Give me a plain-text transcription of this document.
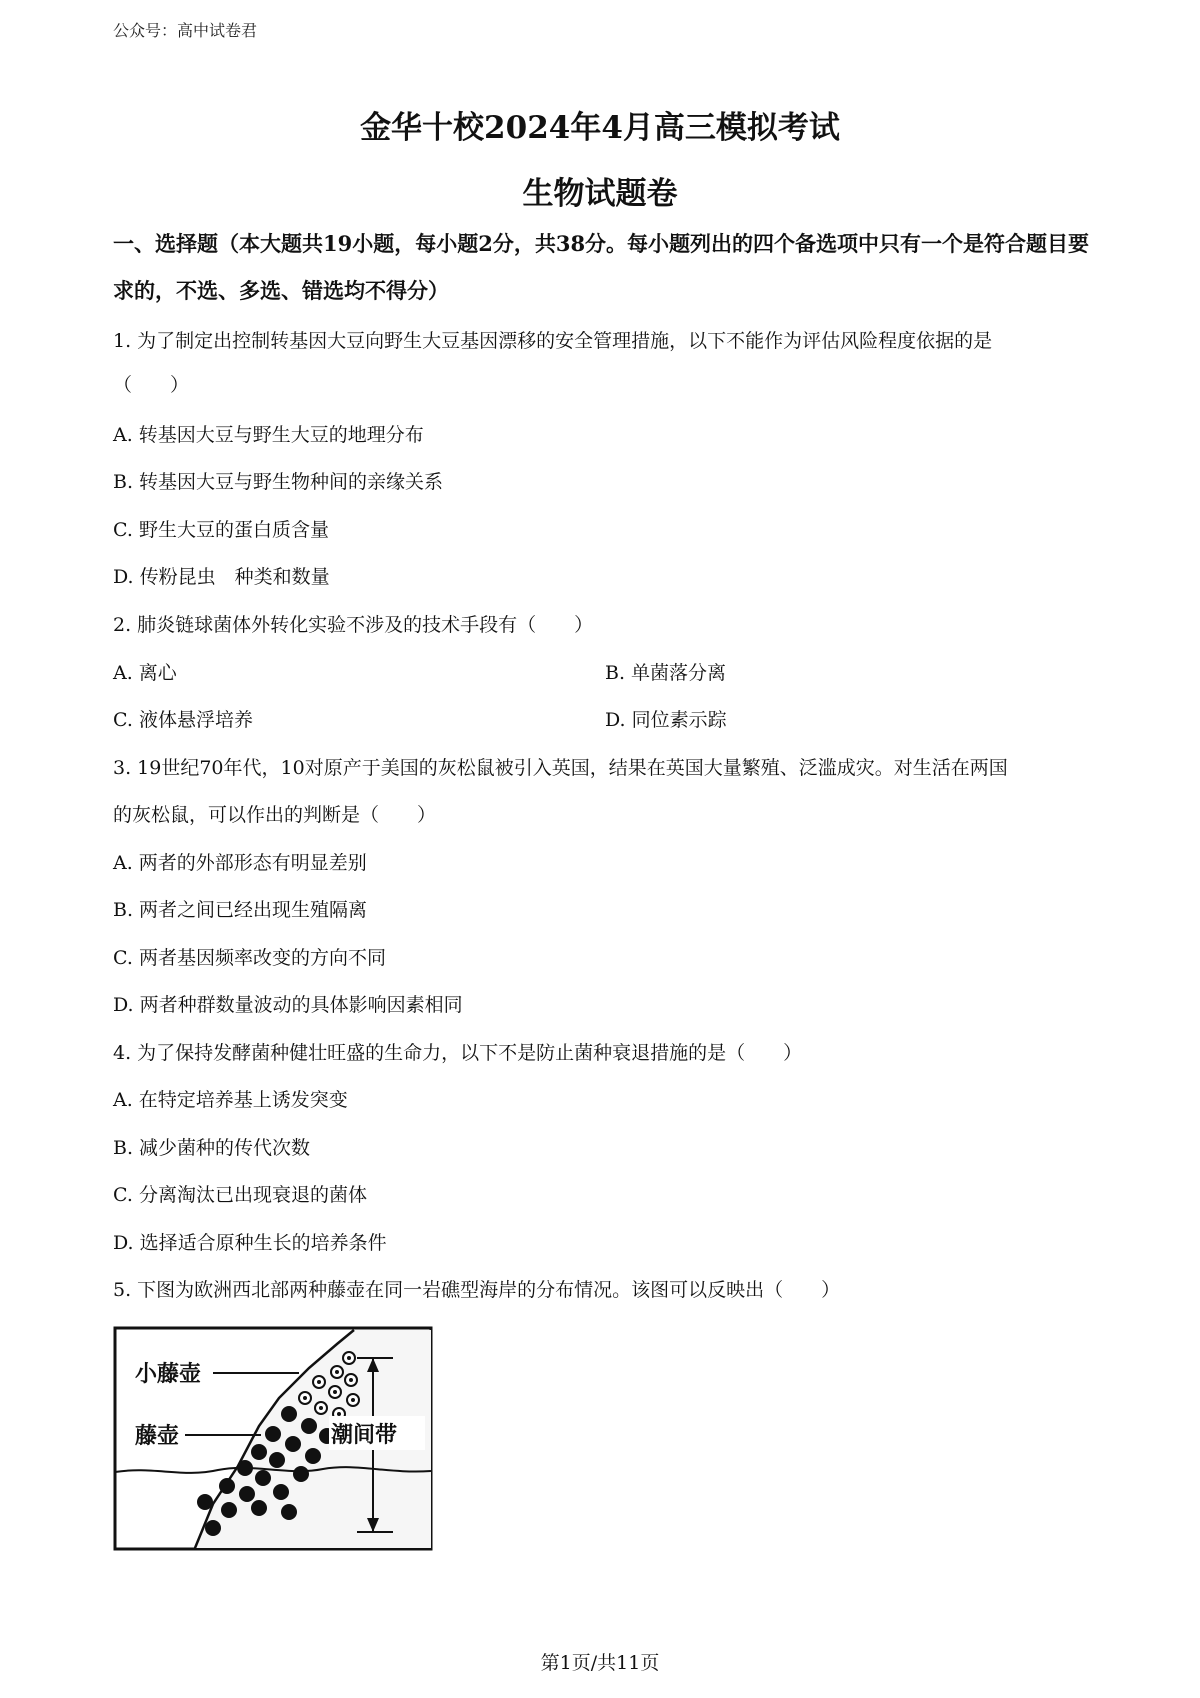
公众号：高中试卷君
金华十校2024年4月高三模拟考试
生物试题卷
一、选择题（本大题共19小题，每小题2分，共38分。每小题列出的四个备选项中只有一个是符合题目要求的，不选、多选、错选均不得分）
1. 为了制定出控制转基因大豆向野生大豆基因漂移的安全管理措施，以下不能作为评估风险程度依据的是
（　　）
A. 转基因大豆与野生大豆的地理分布
B. 转基因大豆与野生物种间的亲缘关系
C. 野生大豆的蛋白质含量
D. 传粉昆虫　种类和数量
2. 肺炎链球菌体外转化实验不涉及的技术手段有（　　）
A. 离心	B. 单菌落分离
C. 液体悬浮培养	D. 同位素示踪
3. 19世纪70年代，10对原产于美国的灰松鼠被引入英国，结果在英国大量繁殖、泛滥成灾。对生活在两国
的灰松鼠，可以作出的判断是（　　）
A. 两者的外部形态有明显差别
B. 两者之间已经出现生殖隔离
C. 两者基因频率改变的方向不同
D. 两者种群数量波动的具体影响因素相同
4. 为了保持发酵菌种健壮旺盛的生命力，以下不是防止菌种衰退措施的是（　　）
A. 在特定培养基上诱发突变
B. 减少菌种的传代次数
C. 分离淘汰已出现衰退的菌体
D. 选择适合原种生长的培养条件
5. 下图为欧洲西北部两种藤壶在同一岩礁型海岸的分布情况。该图可以反映出（　　）
小藤壶
藤壶	潮间带
第1页/共11页
